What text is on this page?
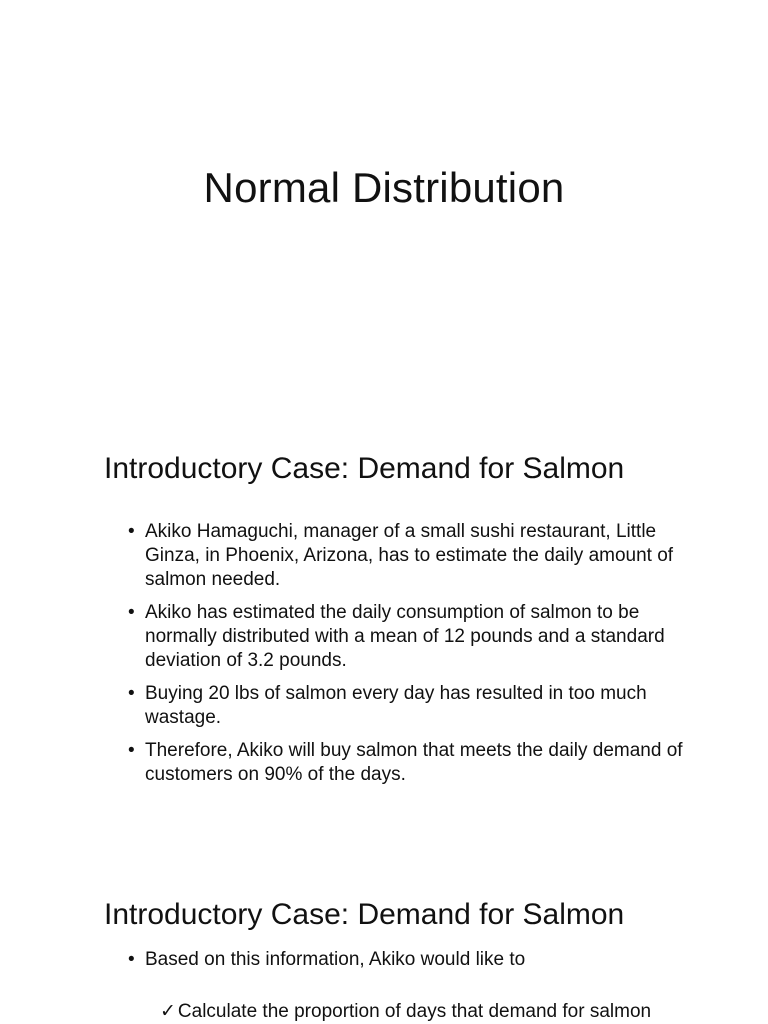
Normal Distribution
Introductory Case: Demand for Salmon
• Akiko Hamaguchi, manager of a small sushi restaurant, Little Ginza, in Phoenix, Arizona, has to estimate the daily amount of salmon needed.
• Akiko has estimated the daily consumption of salmon to be normally distributed with a mean of 12 pounds and a standard deviation of 3.2 pounds.
• Buying 20 lbs of salmon every day has resulted in too much wastage.
• Therefore, Akiko will buy salmon that meets the daily demand of customers on 90% of the days.
Introductory Case: Demand for Salmon
• Based on this information, Akiko would like to
✓ Calculate the proportion of days that demand for salmon
